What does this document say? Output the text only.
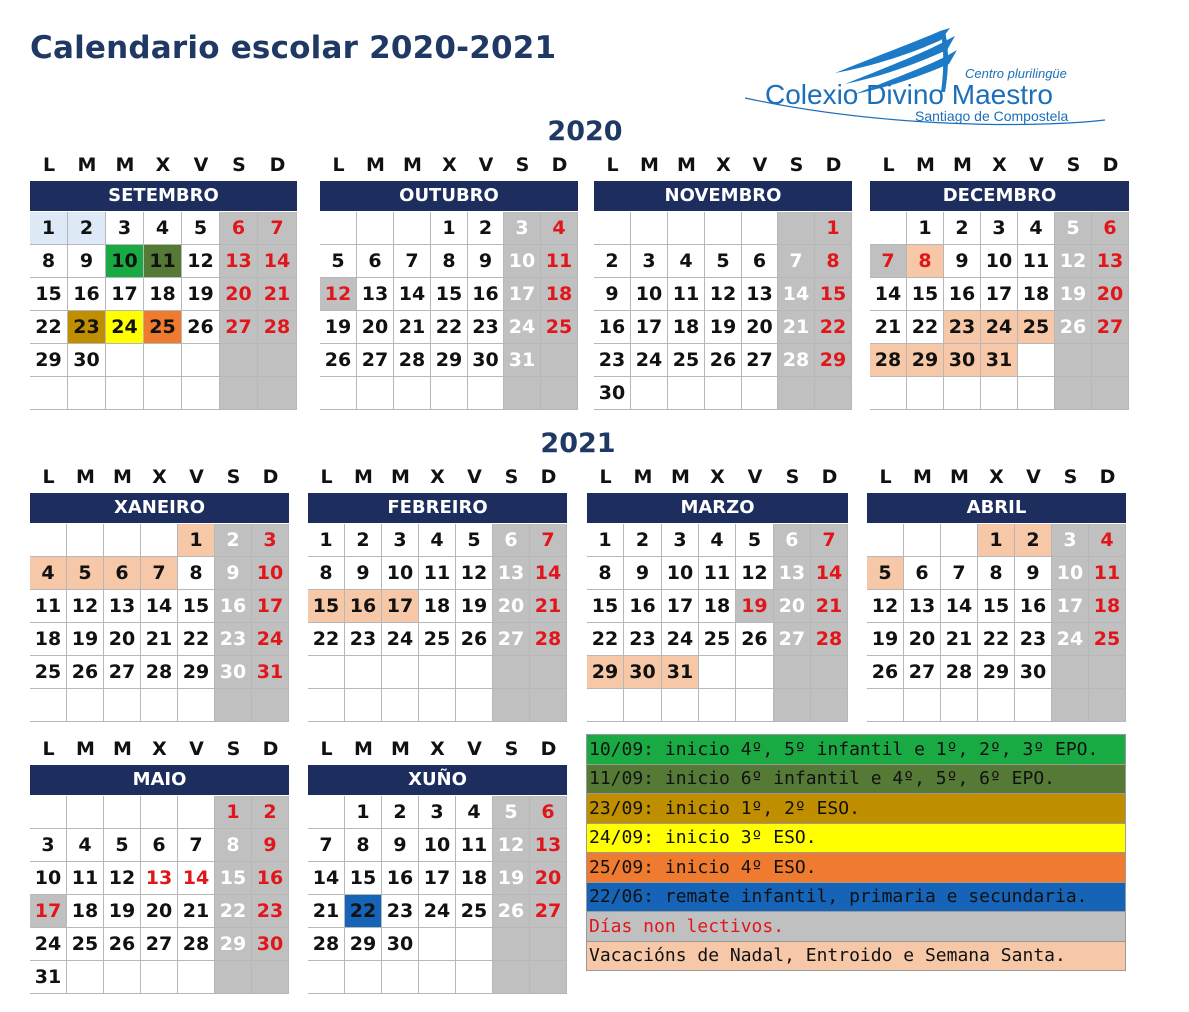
Calendario escolar 2020-2021
Centro plurilingüe
Colexio Divino Maestro
Santiago de Compostela
2020
L	M	M	X	V	S	D
SETEMBRO
1	2	3	4	5	6	7
8	9	10	11	12	13	14
15	16	17	18	19	20	21
22	23	24	25	26	27	28
29	30					

L	M M	X	V	S	D
OUTUBRO
			1	2	3	4
5	6	7	8	9	10	11
12	13	14	15	16	17	18
19	20	21	22	23	24	25
26	27	28	29	30	31	

L	M M	X	V	S	D
NOVEMBRO
						1
2	3	4	5	6	7	8
9	10	11	12	13	14	15
16	17	18	19	20	21	22
23	24	25	26	27	28	29
30						
L	M M	X	V	S	D
DECEMBRO
	1	2	3	4	5	6
7	8	9	10	11	12	13
14	15	16	17	18	19	20
21	22	23	24	25	26	27
28	29	30	31			

2021
L	M M	X	V	S	D
XANEIRO
				1	2	3
4	5	6	7	8	9	10
11	12	13	14	15	16	17
18	19	20	21	22	23	24
25	26	27	28	29	30	31

L	M M	X	V	S	D
FEBREIRO
1	2	3	4	5	6	7
8	9	10	11	12	13	14
15	16	17	18	19	20	21
22	23	24	25	26	27	28

L	M M	X	V	S	D
MARZO
1	2	3	4	5	6	7
8	9	10	11	12	13	14
15	16	17	18	19	20	21
22	23	24	25	26	27	28
29	30	31				

L	M M	X	V	S	D
ABRIL
			1	2	3	4
5	6	7	8	9	10	11
12	13	14	15	16	17	18
19	20	21	22	23	24	25
26	27	28	29	30		

L	M M	X	V	S	D
MAIO
					1	2
3	4	5	6	7	8	9
10	11	12	13	14	15	16
17	18	19	20	21	22	23
24	25	26	27	28	29	30
31						
L	M M	X	V	S	D
XUÑO
	1	2	3	4	5	6
7	8	9	10	11	12	13
14	15	16	17	18	19	20
21	22	23	24	25	26	27
28	29	30				

10/09: inicio 4º, 5º infantil e 1º, 2º, 3º EPO.
11/09: inicio 6º infantil e 4º, 5º, 6º EPO.
23/09: inicio 1º, 2º ESO.
24/09: inicio 3º ESO.
25/09: inicio 4º ESO.
22/06: remate infantil, primaria e secundaria.
Días non lectivos.
Vacacións de Nadal, Entroido e Semana Santa.
